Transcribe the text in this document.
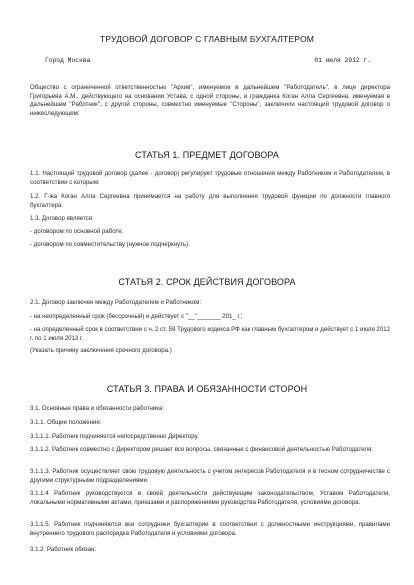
ТРУДОВОЙ ДОГОВОР С ГЛАВНЫМ БУХГАЛТЕРОМ
Город Москва	01 июля 2012 г.
Общество с ограниченной ответственностью "Архив", именуемое в дальнейшем "Работодатель", в лице директора Григорьева А.М., действующего на основании Устава, с одной стороны, и гражданка Коган Алла Сергеевна, именуемая в дальнейшем "Работник", с другой стороны, совместно именуемые "Стороны", заключили настоящий трудовой договор о нижеследующем:
СТАТЬЯ 1. ПРЕДМЕТ ДОГОВОРА
1.1. Настоящий трудовой договор (далее - договор) регулирует трудовые отношения между Работником и Работодателем, в соответствии с которым:
1.2. Г-жа Коган Алла Сергеевна принимается на работу для выполнения трудовой функции по должности главного бухгалтера.
1.3. Договор является:
- договором по основной работе;
- договором по совместительству (нужное подчеркнуть).
СТАТЬЯ 2. СРОК ДЕЙСТВИЯ ДОГОВОРА
2.1. Договор заключен между Работодателем и Работником:
- на неопределенный срок (бессрочный) и действует с "__"_______ 201_ г.;
- на определенный срок в соответствии с ч. 2 ст. 59 Трудового кодекса РФ как главным бухгалтером и действует с 1 июля 2012 г. по 1 июля 2013 г.
(Указать причину заключения срочного договора.)
СТАТЬЯ 3. ПРАВА И ОБЯЗАННОСТИ СТОРОН
3.1. Основные права и обязанности работника:
3.1.1. Общие положения:
3.1.1.1. Работник подчиняется непосредственно Директору.
3.1.1.2. Работник совместно с Директором решает все вопросы, связанные с финансовой деятельностью Работодателя.
3.1.1.3. Работник осуществляет свою трудовую деятельность с учетом интересов Работодателя и в тесном сотрудничестве с другими структурными подразделениями.
3.1.1.4 Работник руководствуется в своей деятельности действующим законодательством, Уставом Работодателя, локальными нормативными актами, приказами и распоряжениями руководства Работодателя, условиями договора.
3.1.1.5. Работник подчиняются все сотрудники бухгалтерии в соответствии с должностными инструкциями, правилами внутреннего трудового распорядка Работодателя и условиями договора.
3.1.2. Работник обязан:
